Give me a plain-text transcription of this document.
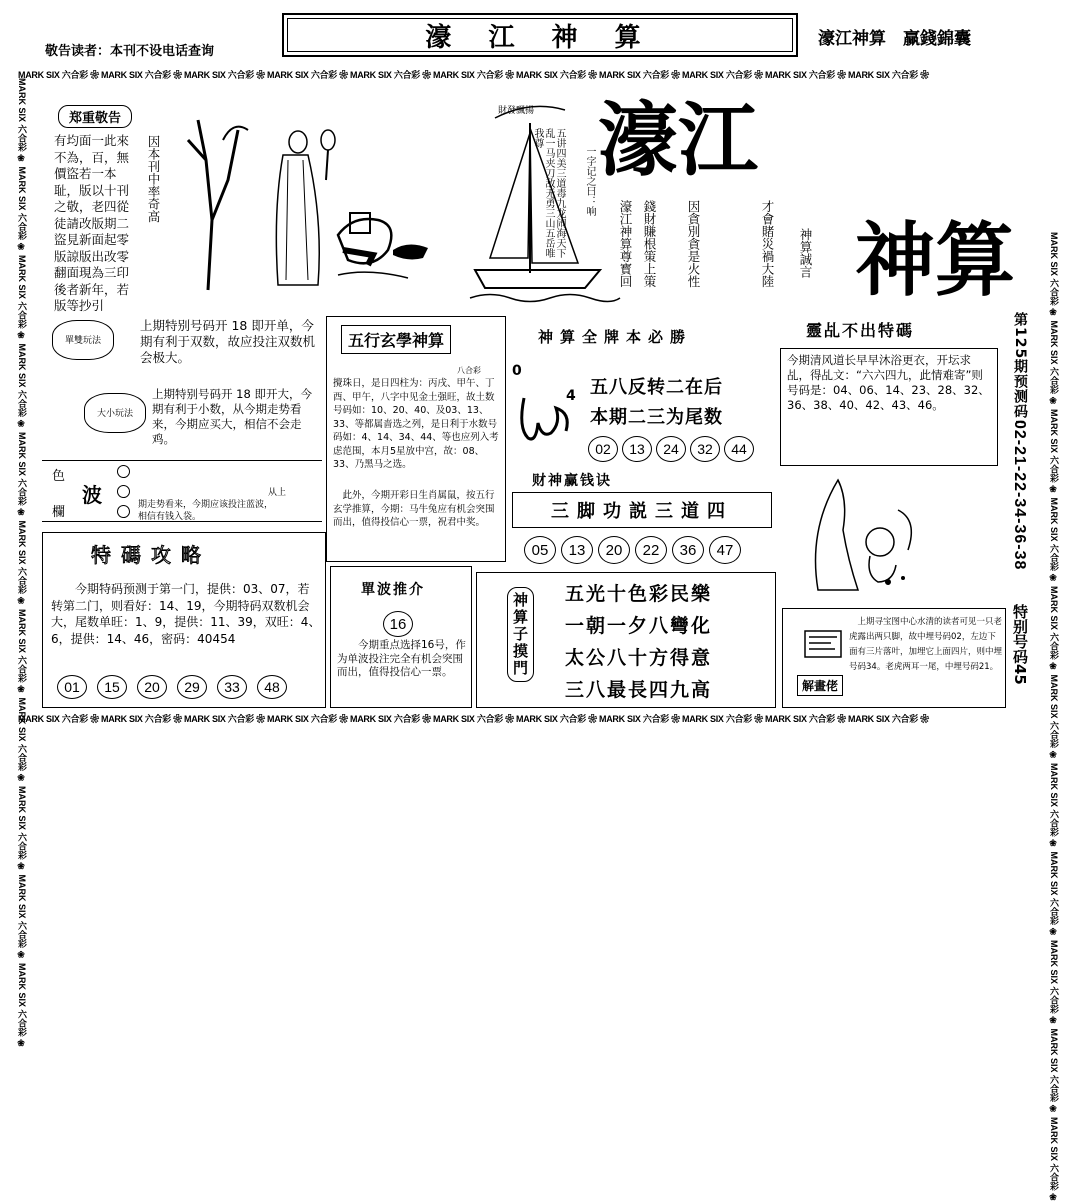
敬告读者：本刊不设电话查询	濠 江 神 算	濠江神算　赢錢錦囊
MARK SIX 六合彩 ❀ MARK SIX 六合彩 ❀ MARK SIX 六合彩 ❀ MARK SIX 六合彩 ❀ MARK SIX 六合彩 ❀ MARK SIX 六合彩 ❀ MARK SIX 六合彩 ❀ MARK SIX 六合彩 ❀ MARK SIX 六合彩 ❀ MARK SIX 六合彩 ❀ MARK SIX 六合彩 ❀
MARK SIX 六合彩 ❀ MARK SIX 六合彩 ❀ MARK SIX 六合彩 ❀ MARK SIX 六合彩 ❀ MARK SIX 六合彩 ❀ MARK SIX 六合彩 ❀ MARK SIX 六合彩 ❀ MARK SIX 六合彩 ❀ MARK SIX 六合彩 ❀ MARK SIX 六合彩 ❀ MARK SIX 六合彩 ❀
MARK SIX 六合彩 ❀ MARK SIX 六合彩 ❀ MARK SIX 六合彩 ❀ MARK SIX 六合彩 ❀ MARK SIX 六合彩 ❀ MARK SIX 六合彩 ❀ MARK SIX 六合彩 ❀ MARK SIX 六合彩 ❀ MARK SIX 六合彩 ❀ MARK SIX 六合彩 ❀ MARK SIX 六合彩 ❀	MARK SIX 六合彩 ❀ MARK SIX 六合彩 ❀ MARK SIX 六合彩 ❀ MARK SIX 六合彩 ❀ MARK SIX 六合彩 ❀ MARK SIX 六合彩 ❀ MARK SIX 六合彩 ❀ MARK SIX 六合彩 ❀ MARK SIX 六合彩 ❀ MARK SIX 六合彩 ❀ MARK SIX 六合彩 ❀
郑重敬告
有均面一此來不為，百，無價盜若一本耻，版以十刊之敬，老四從徒請改版期二盜見新面起零版諒版出改零翻面現為三印後者新年，若版等抄引
因本刊中率奇高
財發飄揚
五讲四美三道毒九龙闹海天下乱一马夹刀敌无勇三山五岳唯我尊
一字记之曰：响
濠江神算尊寳回 錢財賺根策上策 因貪別貪是火性	才會賭災禍大陸 神算誠言
濠江
神算
單雙玩法
上期特别号码开 18 即开单，今期有利于双数，故应投注双数机会极大。
大小玩法
上期特别号码开 18 即开大，今期有利于小数，从今期走势看来，今期应买大，相信不会走鸡。
色
波
欄
从上
期走势看来，今期应该投注蓝波，
相信有钱入袋。
五行玄學神算
八合彩
攪珠日，是日四柱为：丙戌、甲午、丁酉、甲午，八字中见金土强旺，故土数号码如：10、20、40、及03、13、33、等都属啬选之列，是日利于水数号码如：4、14、34、44、等也应列入考虑范围，本月5星放中宫，故：08、33、乃黑马之选。
此外，今期开彩日生肖属鼠，按五行玄学推算，今期：马牛兔应有机会突围而出，值得投信心一票，祝君中奖。
神算全牌本必勝
0
4 五八反转二在后
本期二三为尾数
02	13	24	32	44
靈乩不出特碼
今期清风道长早早沐浴更衣，开坛求乩，得乩文：“六六四九，此情难寄”则号码是：04、06、14、23、28、32、36、38、40、42、43、46。	第125期预测码:
02-21-22-34-36-38
特别号码45
财神赢钱诀
三脚功説三道四
05	13	20	22	36	47
特碼攻略
今期特码预测于第一门，提供：03、07，若转第二门，则看好：14、19，今期特码双数机会大，尾数单旺：1、9，提供：11、39，双旺：4、6，提供：14、46，密码：40454
01	15	20	29	33	48
單波推介
16
今期重点选择16号，作为单波投注完全有机会突围而出，值得投信心一票。	神算子摸門 五光十色彩民樂
一朝一夕八彎化
太公八十方得意
三八最長四九高	解畫佬
上期寻宝图中心水清的读者可见一只老虎露出两只脚，故中埋号码02，左边下面有三片落叶，加埋它上面四片，则中埋号码34。老虎两耳一尾，中埋号码21。
